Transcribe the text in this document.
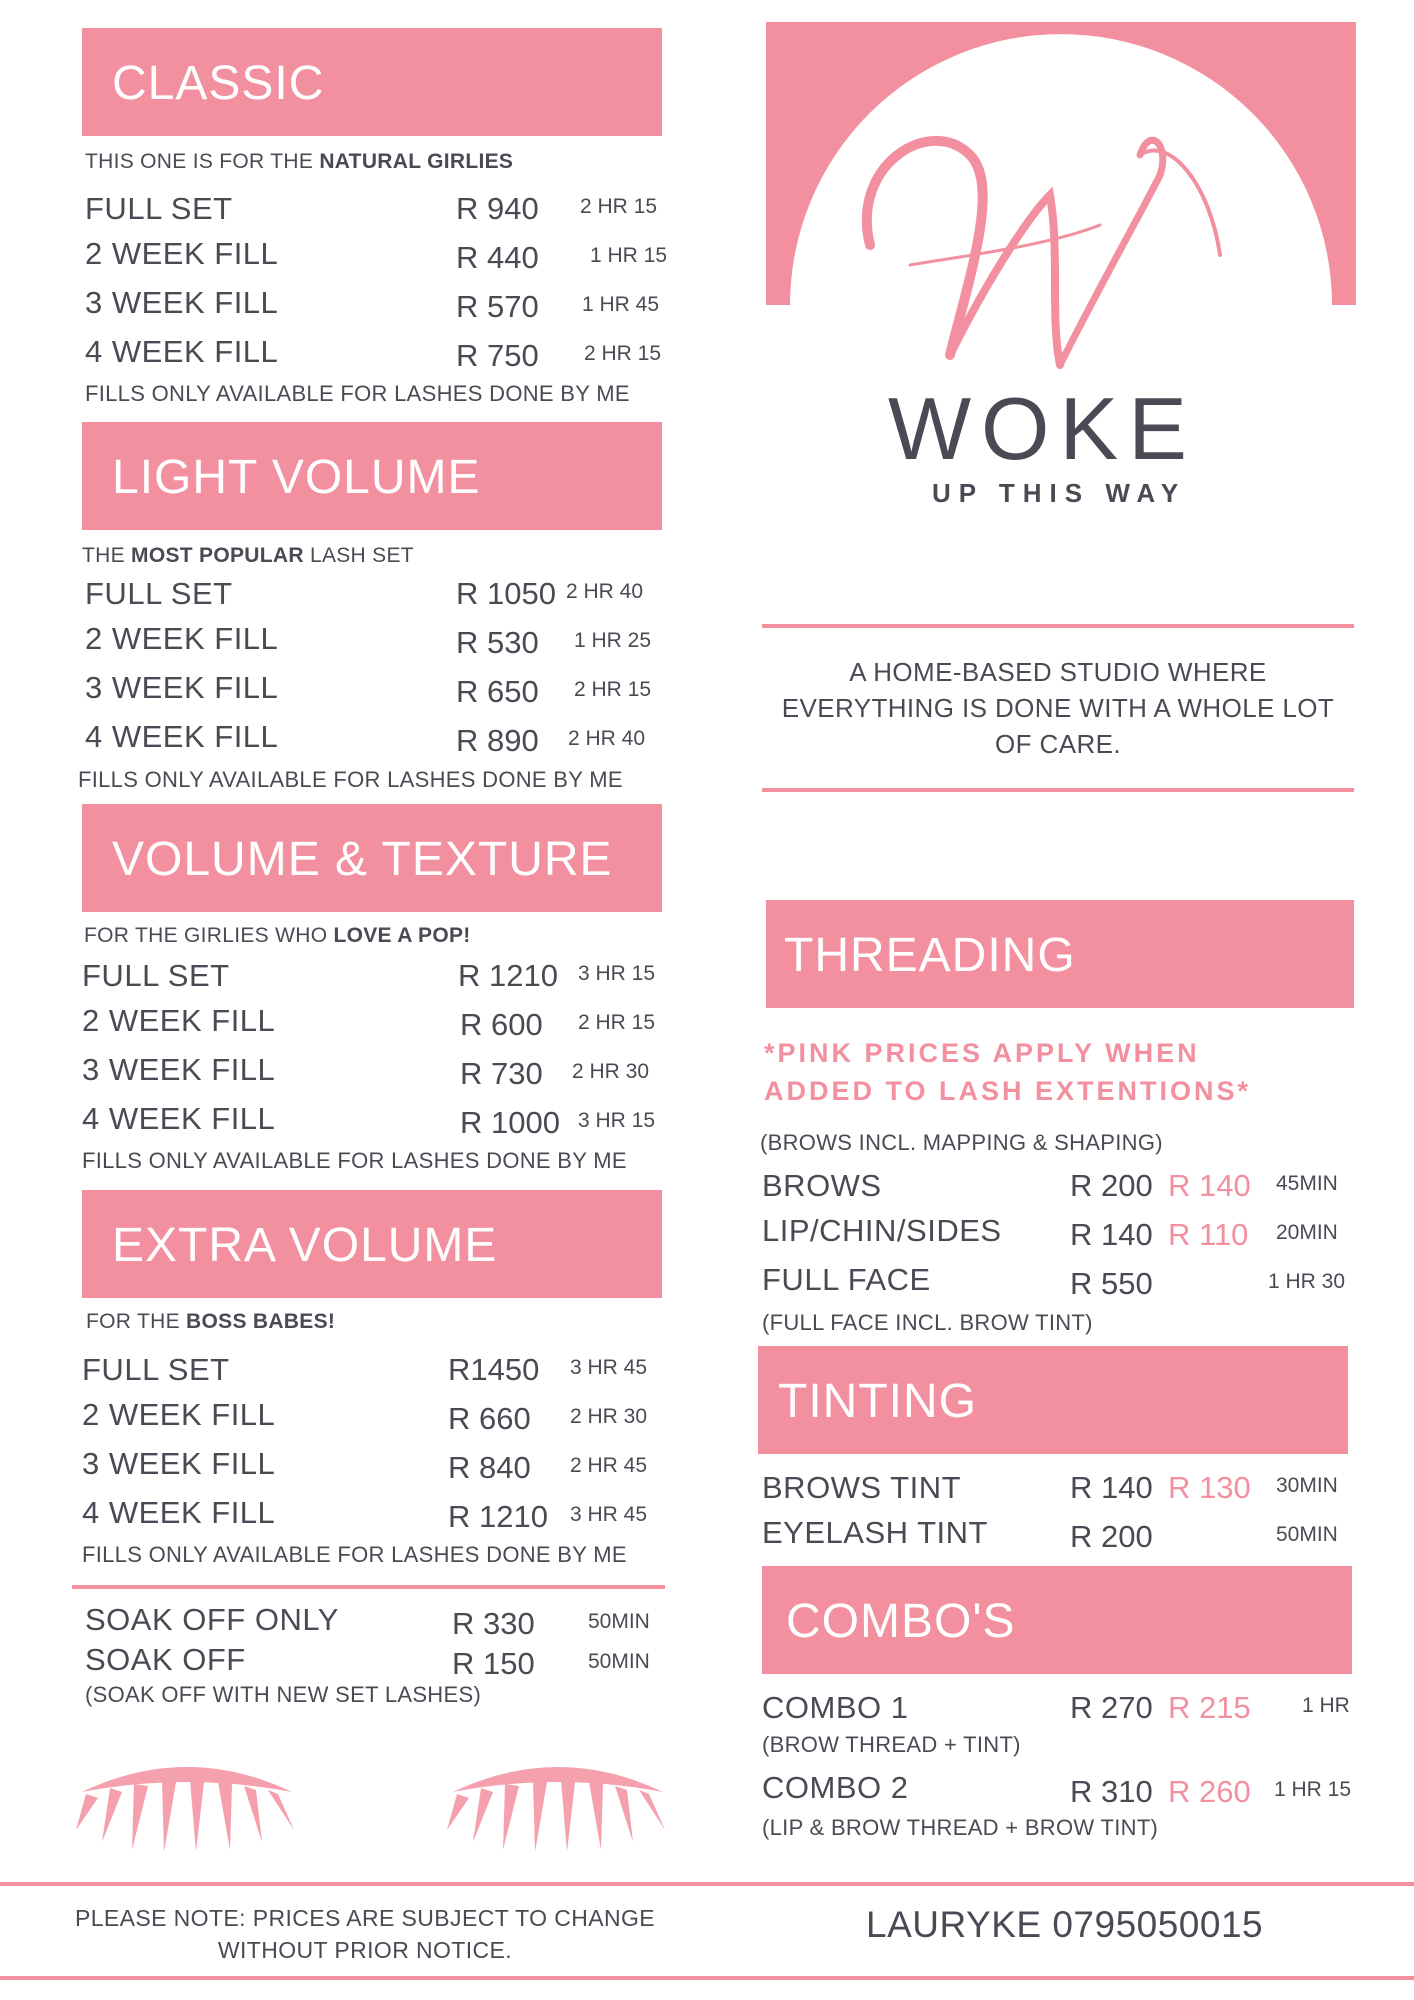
CLASSIC
THIS ONE IS FOR THE NATURAL GIRLIES
FULL SET	R 940 2 HR 15
2 WEEK FILL	R 440 1 HR 15
3 WEEK FILL	R 570 1 HR 45
4 WEEK FILL	R 750 2 HR 15
FILLS ONLY AVAILABLE FOR LASHES DONE BY ME
LIGHT VOLUME
THE MOST POPULAR LASH SET
FULL SET	R 1050 2 HR 40
2 WEEK FILL	R 530 1 HR 25
3 WEEK FILL	R 650 2 HR 15
4 WEEK FILL	R 890 2 HR 40
FILLS ONLY AVAILABLE FOR LASHES DONE BY ME
VOLUME & TEXTURE
FOR THE GIRLIES WHO LOVE A POP!
FULL SET	R 1210 3 HR 15
2 WEEK FILL	R 600 2 HR 15
3 WEEK FILL	R 730 2 HR 30
4 WEEK FILL	R 1000 3 HR 15
FILLS ONLY AVAILABLE FOR LASHES DONE BY ME
EXTRA VOLUME
FOR THE BOSS BABES!
FULL SET	R1450 3 HR 45
2 WEEK FILL	R 660 2 HR 30
3 WEEK FILL	R 840 2 HR 45
4 WEEK FILL	R 1210 3 HR 45
FILLS ONLY AVAILABLE FOR LASHES DONE BY ME
SOAK OFF ONLY	R 330	50MIN
SOAK OFF	R 150	50MIN
(SOAK OFF WITH NEW SET LASHES)
WOKE
UP THIS WAY
A HOME-BASED STUDIO WHERE
EVERYTHING IS DONE WITH A WHOLE LOT
OF CARE.
THREADING
*PINK PRICES APPLY WHEN
ADDED TO LASH EXTENTIONS*
(BROWS INCL. MAPPING & SHAPING)
BROWS	R 200 R 140 45MIN
LIP/CHIN/SIDES R 140 R 110 20MIN
FULL FACE	R 550	1 HR 30
(FULL FACE INCL. BROW TINT)
TINTING
BROWS TINT	R 140 R 130 30MIN
EYELASH TINT	R 200	50MIN
COMBO'S
COMBO 1	R 270 R 215 1 HR
(BROW THREAD + TINT)
COMBO 2	R 310 R 260 1 HR 15
(LIP & BROW THREAD + BROW TINT)
PLEASE NOTE: PRICES ARE SUBJECT TO CHANGE
WITHOUT PRIOR NOTICE.
LAURYKE 0795050015
